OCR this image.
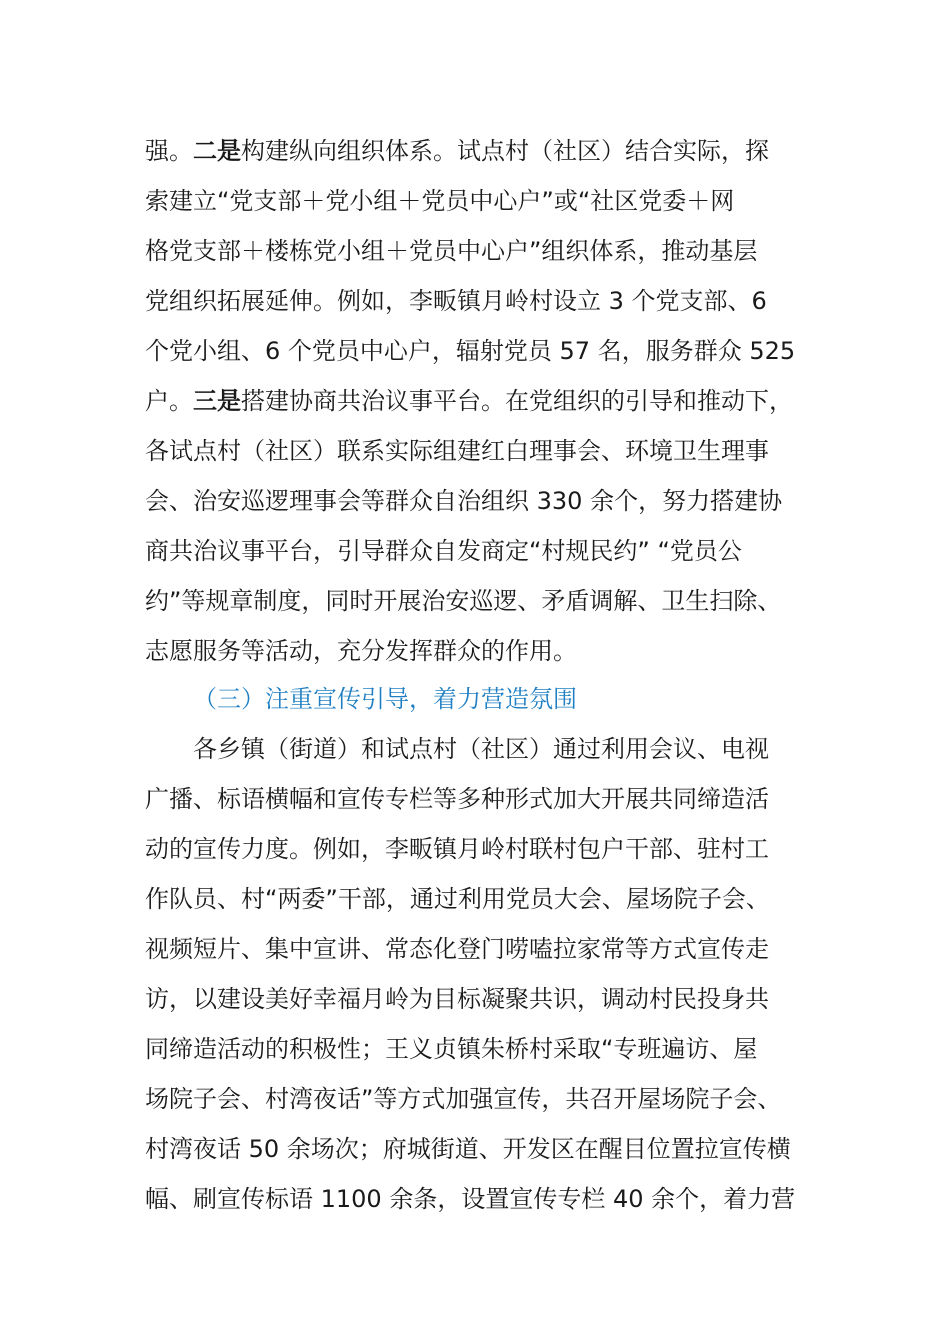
强。二是构建纵向组织体系。试点村（社区）结合实际，探
索建立“党支部＋党小组＋党员中心户”或“社区党委＋网
格党支部＋楼栋党小组＋党员中心户”组织体系，推动基层
党组织拓展延伸。例如，李畈镇月岭村设立 3 个党支部、6
个党小组、6 个党员中心户，辐射党员 57 名，服务群众 525
户。三是搭建协商共治议事平台。在党组织的引导和推动下，
各试点村（社区）联系实际组建红白理事会、环境卫生理事
会、治安巡逻理事会等群众自治组织 330 余个，努力搭建协
商共治议事平台，引导群众自发商定“村规民约” “党员公
约”等规章制度，同时开展治安巡逻、矛盾调解、卫生扫除、
志愿服务等活动，充分发挥群众的作用。
（三）注重宣传引导，着力营造氛围
各乡镇（街道）和试点村（社区）通过利用会议、电视
广播、标语横幅和宣传专栏等多种形式加大开展共同缔造活
动的宣传力度。例如，李畈镇月岭村联村包户干部、驻村工
作队员、村“两委”干部，通过利用党员大会、屋场院子会、
视频短片、集中宣讲、常态化登门唠嗑拉家常等方式宣传走
访，以建设美好幸福月岭为目标凝聚共识，调动村民投身共
同缔造活动的积极性；王义贞镇朱桥村采取“专班遍访、屋
场院子会、村湾夜话”等方式加强宣传，共召开屋场院子会、
村湾夜话 50 余场次；府城街道、开发区在醒目位置拉宣传横
幅、刷宣传标语 1100 余条，设置宣传专栏 40 余个，着力营
